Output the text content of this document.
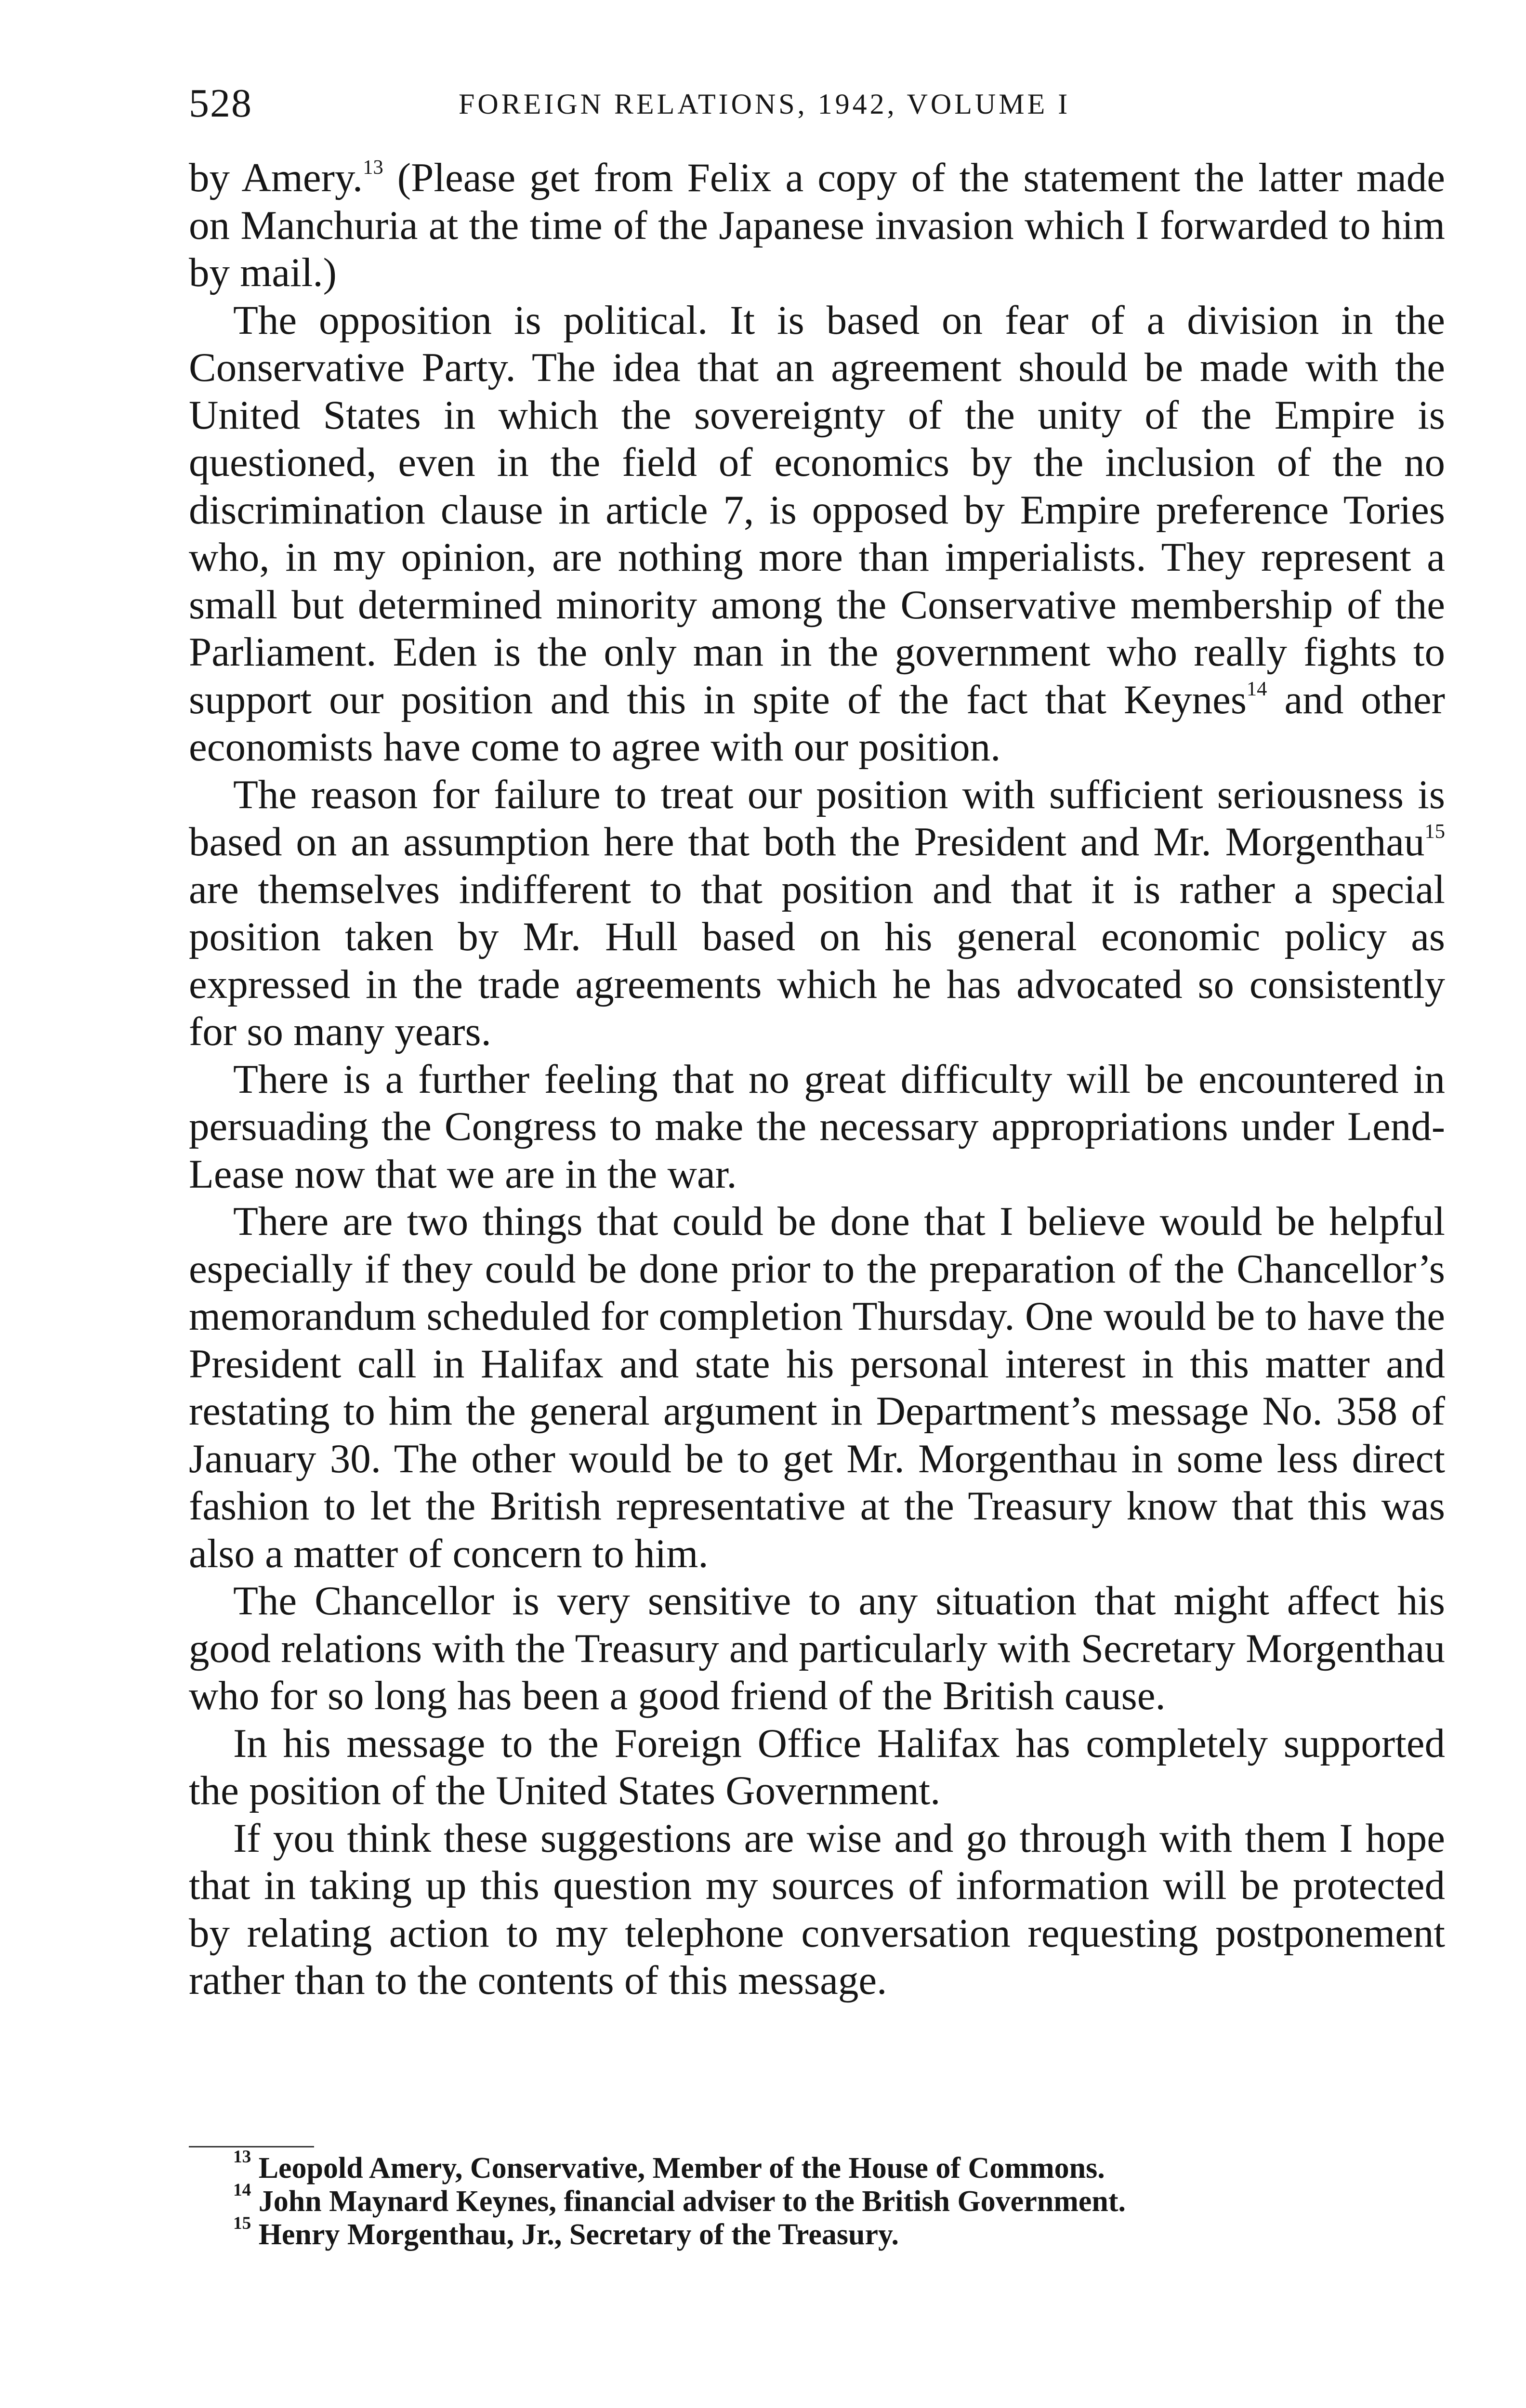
528	FOREIGN RELATIONS, 1942, VOLUME I

by Amery.$^{13}$ (Please get from Felix a copy of the statement the latter made on Manchuria at the time of the Japanese invasion which I forwarded to him by mail.)

The opposition is political. It is based on fear of a division in the Conservative Party. The idea that an agreement should be made with the United States in which the sovereignty of the unity of the Empire is questioned, even in the field of economics by the inclusion of the no discrimination clause in article 7, is opposed by Empire preference Tories who, in my opinion, are nothing more than imperialists. They represent a small but determined minority among the Conservative membership of the Parliament. Eden is the only man in the government who really fights to support our position and this in spite of the fact that Keynes$^{14}$ and other economists have come to agree with our position.

The reason for failure to treat our position with sufficient seriousness is based on an assumption here that both the President and Mr. Morgenthau$^{15}$ are themselves indifferent to that position and that it is rather a special position taken by Mr. Hull based on his general economic policy as expressed in the trade agreements which he has advocated so consistently for so many years.

There is a further feeling that no great difficulty will be encountered in persuading the Congress to make the necessary appropriations under Lend-Lease now that we are in the war.

There are two things that could be done that I believe would be helpful especially if they could be done prior to the preparation of the Chancellor’s memorandum scheduled for completion Thursday. One would be to have the President call in Halifax and state his personal interest in this matter and restating to him the general argument in Department’s message No. 358 of January 30. The other would be to get Mr. Morgenthau in some less direct fashion to let the British representative at the Treasury know that this was also a matter of concern to him.

The Chancellor is very sensitive to any situation that might affect his good relations with the Treasury and particularly with Secretary Morgenthau who for so long has been a good friend of the British cause.

In his message to the Foreign Office Halifax has completely supported the position of the United States Government.

If you think these suggestions are wise and go through with them I hope that in taking up this question my sources of information will be protected by relating action to my telephone conversation requesting postponement rather than to the contents of this message.

$^{13}$ Leopold Amery, Conservative, Member of the House of Commons.

$^{14}$ John Maynard Keynes, financial adviser to the British Government.

$^{15}$ Henry Morgenthau, Jr., Secretary of the Treasury.
